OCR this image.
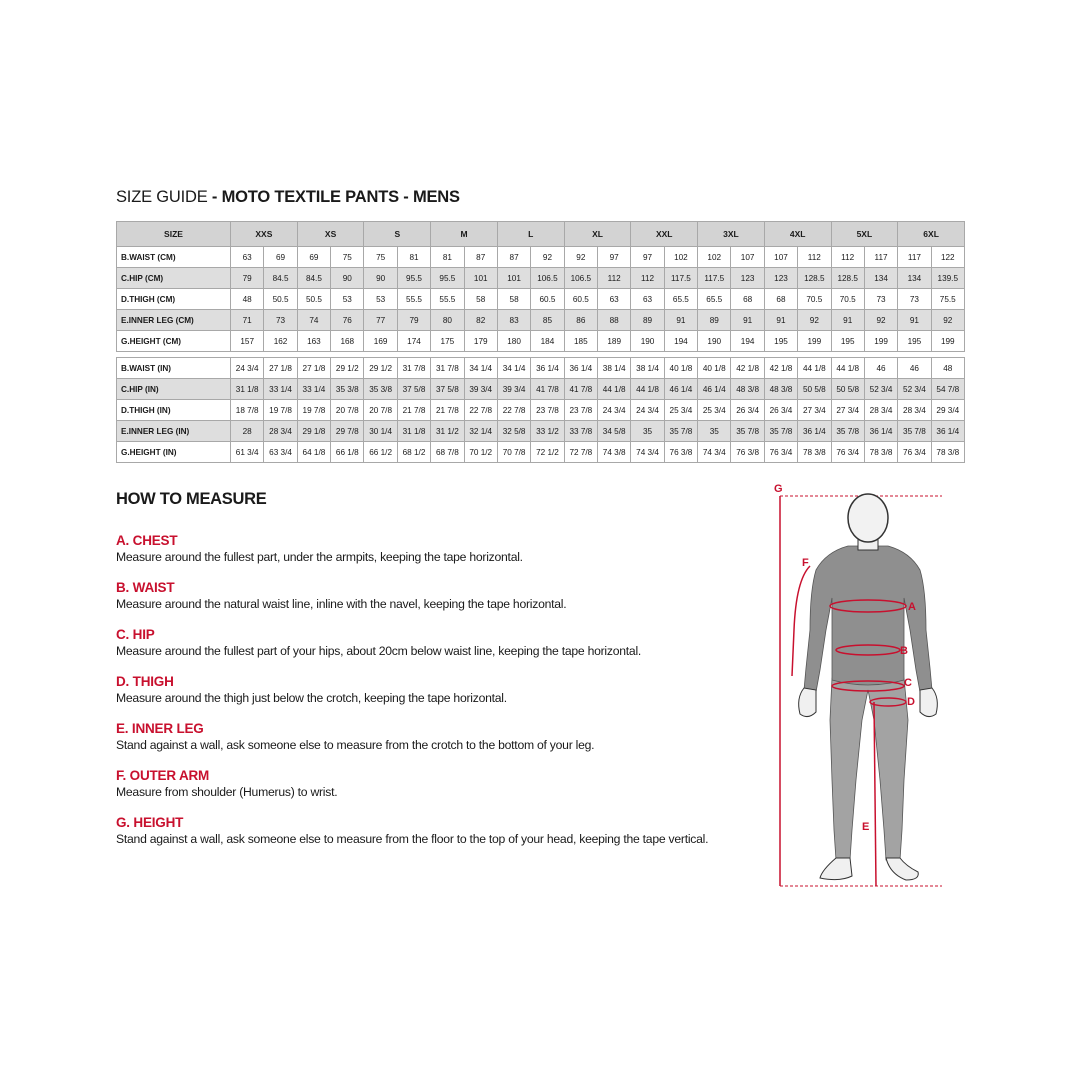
SIZE GUIDE - MOTO TEXTILE PANTS - MENS
SIZE	XXS		XS		S		M		L		XL		XXL		3XL		4XL		5XL		6XL	
B.WAIST (CM)	63	69	69	75	75	81	81	87	87	92	92	97	97	102	102	107	107	112	112	117	117	122
C.HIP (CM)	79	84.5	84.5	90	90	95.5	95.5	101	101	106.5	106.5	112	112	117.5	117.5	123	123	128.5	128.5	134	134	139.5
D.THIGH (CM)	48	50.5	50.5	53	53	55.5	55.5	58	58	60.5	60.5	63	63	65.5	65.5	68	68	70.5	70.5	73	73	75.5
E.INNER LEG (CM)	71	73	74	76	77	79	80	82	83	85	86	88	89	91	89	91	91	92	91	92	91	92
G.HEIGHT (CM)	157	162	163	168	169	174	175	179	180	184	185	189	190	194	190	194	195	199	195	199	195	199

B.WAIST (IN)	24 3/4	27 1/8	27 1/8	29 1/2	29 1/2	31 7/8	31 7/8	34 1/4	34 1/4	36 1/4	36 1/4	38 1/4	38 1/4	40 1/8	40 1/8	42 1/8	42 1/8	44 1/8	44 1/8	46	46	48
C.HIP (IN)	31 1/8	33 1/4	33 1/4	35 3/8	35 3/8	37 5/8	37 5/8	39 3/4	39 3/4	41 7/8	41 7/8	44 1/8	44 1/8	46 1/4	46 1/4	48 3/8	48 3/8	50 5/8	50 5/8	52 3/4	52 3/4	54 7/8
D.THIGH (IN)	18 7/8	19 7/8	19 7/8	20 7/8	20 7/8	21 7/8	21 7/8	22 7/8	22 7/8	23 7/8	23 7/8	24 3/4	24 3/4	25 3/4	25 3/4	26 3/4	26 3/4	27 3/4	27 3/4	28 3/4	28 3/4	29 3/4
E.INNER LEG (IN)	28	28 3/4	29 1/8	29 7/8	30 1/4	31 1/8	31 1/2	32 1/4	32 5/8	33 1/2	33 7/8	34 5/8	35	35 7/8	35	35 7/8	35 7/8	36 1/4	35 7/8	36 1/4	35 7/8	36 1/4
G.HEIGHT (IN)	61 3/4	63 3/4	64 1/8	66 1/8	66 1/2	68 1/2	68 7/8	70 1/2	70 7/8	72 1/2	72 7/8	74 3/8	74 3/4	76 3/8	74 3/4	76 3/8	76 3/4	78 3/8	76 3/4	78 3/8	76 3/4	78 3/8
HOW TO MEASURE
A. CHEST
Measure around the fullest part, under the armpits, keeping the tape horizontal.
B. WAIST
Measure around the natural waist line, inline with the navel, keeping the tape horizontal.
C. HIP
Measure around the fullest part of your hips, about 20cm below waist line, keeping the tape horizontal.
D. THIGH
Measure around the thigh just below the crotch, keeping the tape horizontal.
E. INNER LEG
Stand against a wall, ask someone else to measure from the crotch to the bottom of your leg.
F. OUTER ARM
Measure from shoulder (Humerus) to wrist.
G. HEIGHT
Stand against a wall, ask someone else to measure from the floor to the top of your head, keeping the tape vertical.
G
A
B
C
D
E
F
